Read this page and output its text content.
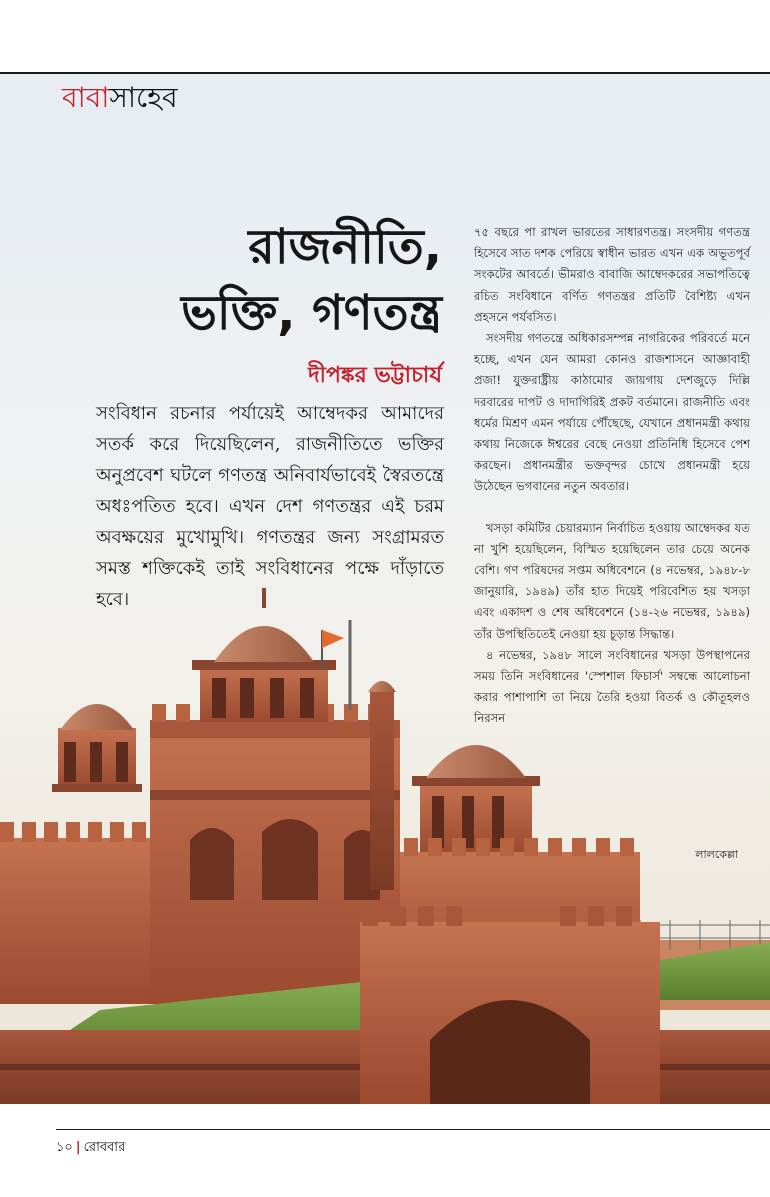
বাবাসাহেব

রাজনীতি,
ভক্তি, গণতন্ত্র

দীপঙ্কর ভট্টাচার্য

সংবিধান রচনার পর্যায়েই আম্বেদকর আমাদের সতর্ক করে দিয়েছিলেন, রাজনীতিতে ভক্তির অনুপ্রবেশ ঘটলে গণতন্ত্র অনিবার্যভাবেই স্বৈরতন্ত্রে অধঃপতিত হবে। এখন দেশ গণতন্ত্রর এই চরম অবক্ষয়ের মুখোমুখি। গণতন্ত্রর জন্য সংগ্রামরত সমস্ত শক্তিকেই তাই সংবিধানের পক্ষে দাঁড়াতে হবে।

৭৫ বছরে পা রাখল ভারতের সাধারণতন্ত্র। সংসদীয় গণতন্ত্র হিসেবে সাত দশক পেরিয়ে স্বাধীন ভারত এখন এক অভূতপূর্ব সংকটের আবর্তে। ভীমরাও বাবাজি আম্বেদকরের সভাপতিত্বে রচিত সংবিধানে বর্ণিত গণতন্ত্রর প্রতিটি বৈশিষ্ট্য এখন প্রহসনে পর্যবসিত।

সংসদীয় গণতন্ত্রে অধিকারসম্পন্ন নাগরিকের পরিবর্তে মনে হচ্ছে, এখন যেন আমরা কোনও রাজশাসনে আজ্ঞাবাহী প্রজা! যুক্তরাষ্ট্রীয় কাঠামোর জায়গায় দেশজুড়ে দিল্লি দরবারের দাপট ও দাদাগিরিই প্রকট বর্তমানে। রাজনীতি এবং ধর্মের মিশ্রণ এমন পর্যায়ে পৌঁছেছে, যেখানে প্রধানমন্ত্রী কথায় কথায় নিজেকে ঈশ্বরের বেছে নেওয়া প্রতিনিধি হিসেবে পেশ করছেন। প্রধানমন্ত্রীর ভক্তবৃন্দর চোখে প্রধানমন্ত্রী হয়ে উঠেছেন ভগবানের নতুন অবতার।

খসড়া কমিটির চেয়ারম্যান নির্বাচিত হওয়ায় আম্বেদকর যত না খুশি হয়েছিলেন, বিস্মিত হয়েছিলেন তার চেয়ে অনেক বেশি। গণ পরিষদের সপ্তম অধিবেশনে (৪ নভেম্বর, ১৯৪৮-৮ জানুয়ারি, ১৯৪৯) তাঁর হাত দিয়েই পরিবেশিত হয় খসড়া এবং একাদশ ও শেষ অধিবেশনে (১৪-২৬ নভেম্বর, ১৯৪৯) তাঁর উপস্থিতিতেই নেওয়া হয় চূড়ান্ত সিদ্ধান্ত।

৪ নভেম্বর, ১৯৪৮ সালে সংবিধানের খসড়া উপস্থাপনের সময় তিনি সংবিধানের 'স্পেশাল ফিচার্স' সম্বন্ধে আলোচনা করার পাশাপাশি তা নিয়ে তৈরি হওয়া বিতর্ক ও কৌতূহলও নিরসন

লালকেল্লা

১০ | রোববার
